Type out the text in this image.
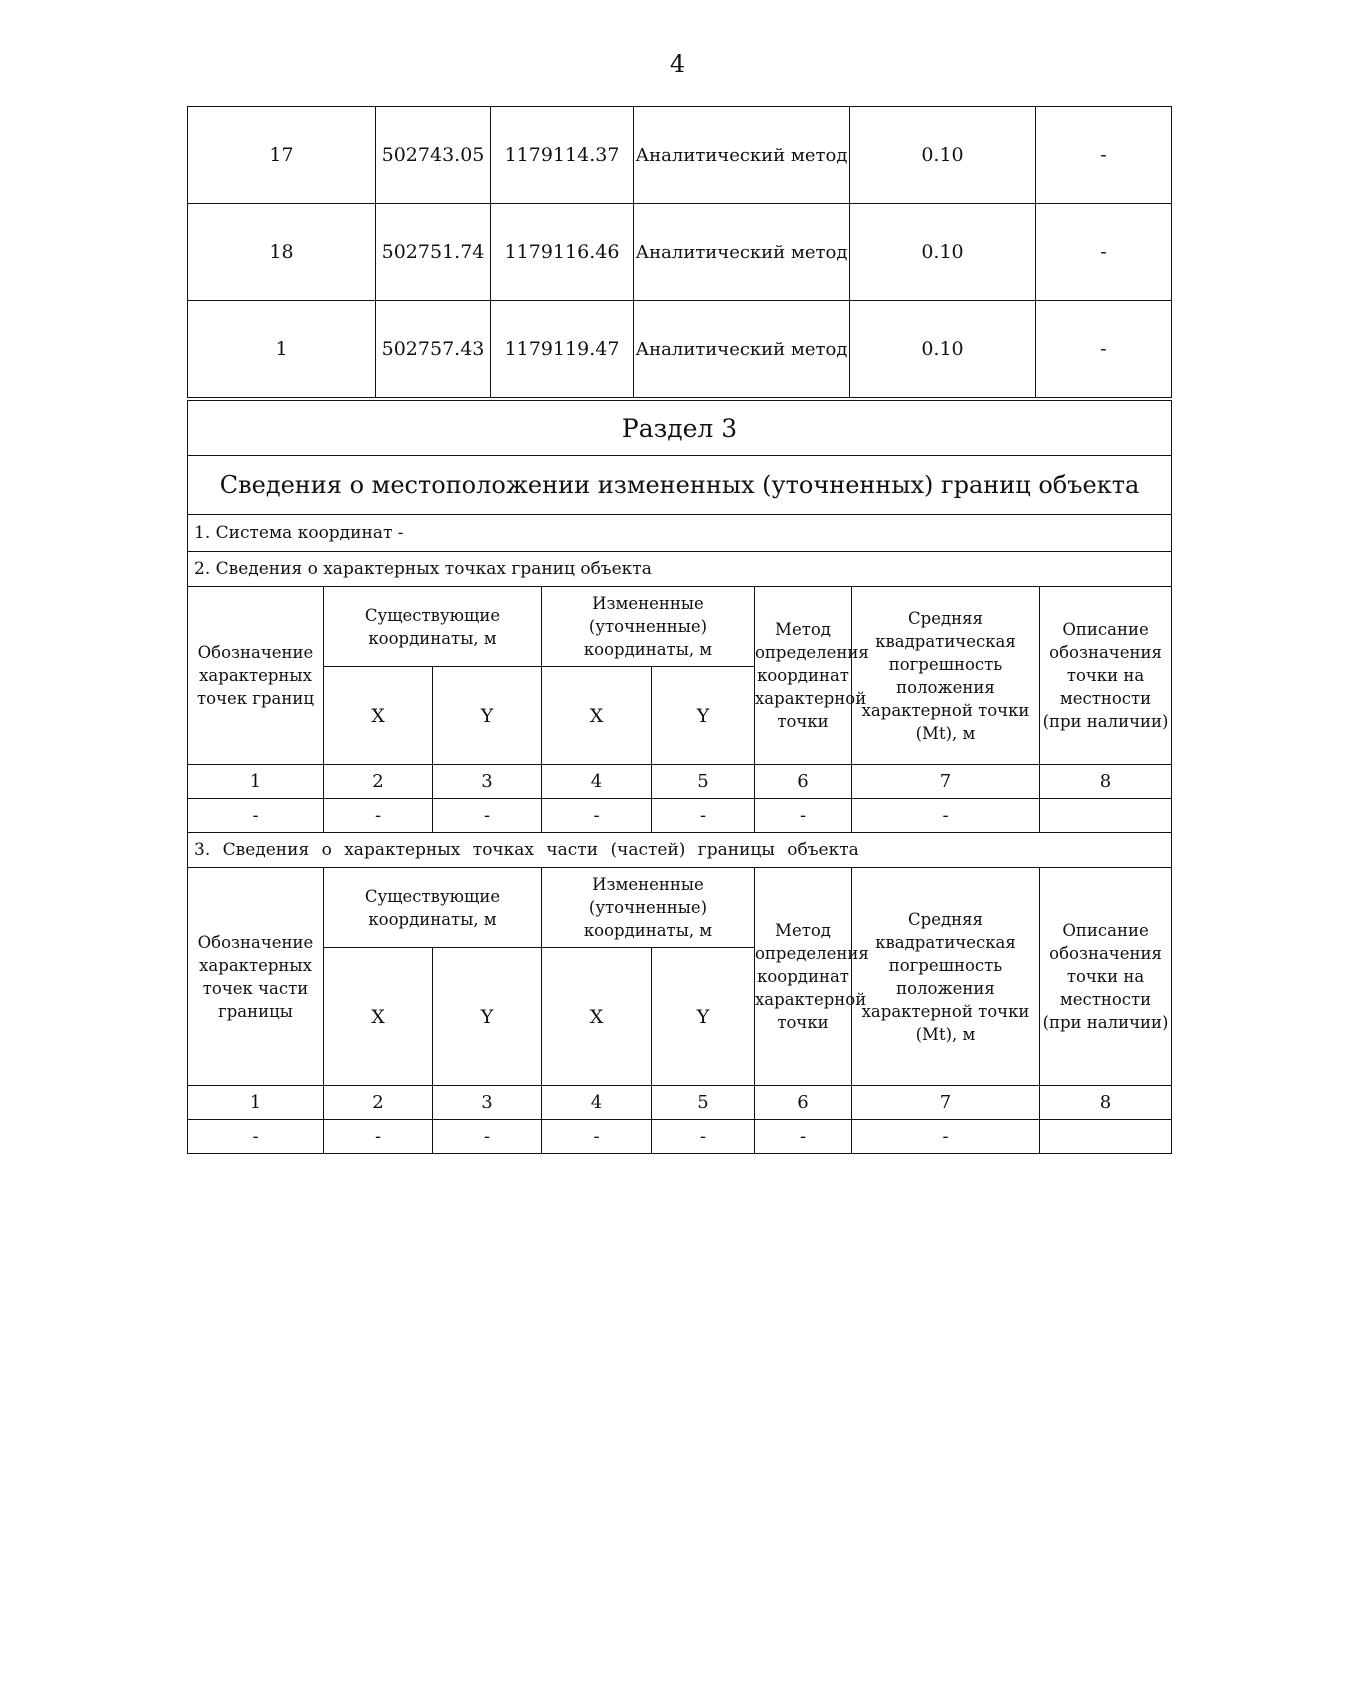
4
17	502743.05	1179114.37	Аналитический метод	0.10	-
18	502751.74	1179116.46	Аналитический метод	0.10	-
1	502757.43	1179119.47	Аналитический метод	0.10	-
Раздел 3							
Сведения о местоположении измененных (уточненных) границ объекта							
1. Система координат -							
2. Сведения о характерных точках границ объекта							
Обозначение характерных точек границ	Существующие координаты, м		Измененные (уточненные) координаты, м		Метод определения координат характерной точки	Средняя квадратическая погрешность положения характерной точки (Mt), м	Описание обозначения точки на местности (при наличии)
	X	Y	X	Y			
1	2	3	4	5	6	7	8
-	-	-	-	-	-	-	
3. Сведения о характерных точках части (частей) границы объекта							
Обозначение характерных точек части границы	Существующие координаты, м		Измененные (уточненные) координаты, м		Метод определения координат характерной точки	Средняя квадратическая погрешность положения характерной точки (Mt), м	Описание обозначения точки на местности (при наличии)
	X	Y	X	Y			
1	2	3	4	5	6	7	8
-	-	-	-	-	-	-	
